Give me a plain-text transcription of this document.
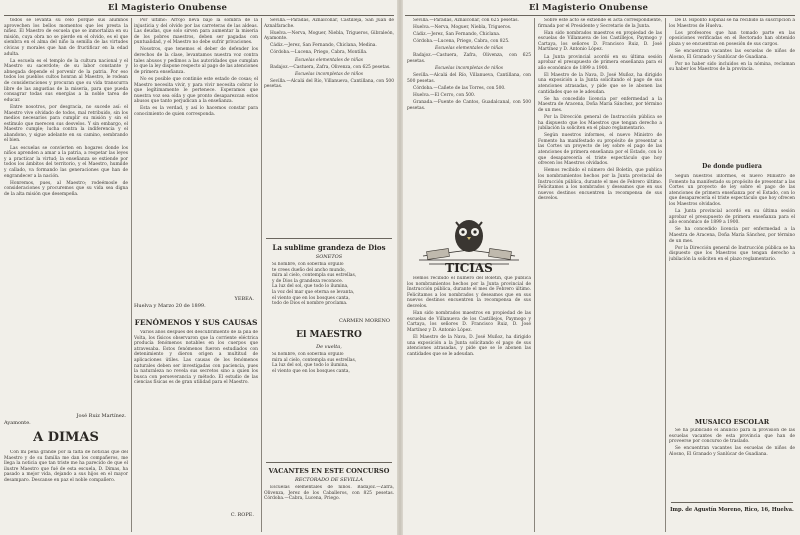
El Magisterio Onubense

todos se levanta su celo porque sus alumnos aprovechen los bellos momentos que les presta la niñez. El Maestro de escuela que se inmortaliza en su misión, cuya obra no se pierde en el olvido, es el que siembra en el alma del niño la semilla de las virtudes cívicas y morales que han de fructificar en la edad adulta.

La escuela es el templo de la cultura nacional y el Maestro su sacerdote; de su labor constante y abnegada depende el porvenir de la patria. Por eso todos los pueblos cultos honran al Maestro, le rodean de consideraciones y procuran que su vida transcurra libre de las angustias de la miseria, para que pueda consagrar todas sus energías a la noble tarea de educar.

Entre nosotros, por desgracia, no sucede así: el Maestro vive olvidado de todos, mal retribuido, sin los medios necesarios para cumplir su misión y sin el estímulo que merecen sus desvelos. Y sin embargo, el Maestro cumple; lucha contra la indiferencia y el abandono, y sigue adelante en su camino, sembrando el bien.

Las escuelas se convierten en hogares donde los niños aprenden a amar a la patria, a respetar las leyes y a practicar la virtud; la enseñanza se extiende por todos los ámbitos del territorio, y el Maestro, humilde y callado, va formando las generaciones que han de engrandecer a la nación.

Honremos, pues, al Maestro; rodeémosle de consideraciones y procuremos que su vida sea digna de la alta misión que desempeña.

José Ruiz Martínez.
Ayamonte.
A DIMAS

Con mi pena grande por la falta de noticias que del Maestro y de su familia me dan los compañeros, me llega la noticia que tan triste me ha parecido de que el ilustre Maestro que fué de esta escuela, D. Dimas, ha pasado a mejor vida, dejando a sus hijos en el mayor desamparo. Descanse en paz el noble compañero.

Por último: Arrojo lleva bajo la sombra de la injusticia y del olvido por las carreteras de las aldeas. Las deudas, que solo sirven para aumentar la miseria de los pobres maestros, deben ser pagadas con puntualidad, y el Maestro no debe sufrir privaciones.

Nosotros, que tenemos el deber de defender los derechos de la clase, levantamos nuestra voz contra tales abusos y pedimos a las autoridades que cumplan lo que la ley dispone respecto al pago de las atenciones de primera enseñanza.

No es posible que continúe este estado de cosas; el Maestro necesita vivir, y para vivir necesita cobrar lo que legítimamente le pertenece. Esperamos que nuestra voz sea oída y que pronto desaparezcan estos abusos que tanto perjudican a la enseñanza.

Esta es la verdad, y así lo hacemos constar para conocimiento de quien corresponda.

YEBEA.
Huelva y Marzo 20 de 1899.
FENÓMENOS Y SUS CAUSAS

Varios años después del descubrimiento de la pila de Volta, los físicos observaron que la corriente eléctrica producía fenómenos notables en los cuerpos que atravesaba. Estos fenómenos fueron estudiados con detenimiento y dieron origen a multitud de aplicaciones útiles. Las causas de los fenómenos naturales deben ser investigadas con paciencia, pues la naturaleza no revela sus secretos sino a quien los busca con perseverancia y método. El estudio de las ciencias físicas es de gran utilidad para el Maestro.

C. ROPE.

Sevilla.—Paradas, Aznalcóllar, Castilleja, San Juan de Aznalfarache.

Huelva.—Nerva, Moguer, Niebla, Trigueros, Gibraleón, Ayamonte.

Cádiz.—Jerez, San Fernando, Chiclana, Medina.

Córdoba.—Lucena, Priego, Cabra, Montilla.

Escuelas elementales de niñas

Badajoz.—Castuera, Zafra, Olivenza, con 625 pesetas.

Escuelas incompletas de niños

Sevilla.—Alcalá del Río, Villanueva, Cantillana, con 500 pesetas.

La sublime grandeza de Dios
SONETOS
Si hombre, con soberbia orgullo
te crees dueño del ancho mundo,
mira al cielo, contempla sus estrellas,
y de Dios la grandeza reconoce.
La luz del sol, que todo lo ilumina,
la voz del mar que eterna se levanta,
el viento que en los bosques canta,
todo de Dios el nombre proclama.
CARMEN MORENO
El MAESTRO
De vuelta,
Si hombre, con soberbia orgullo
mira al cielo, contempla sus estrellas,
La luz del sol, que todo lo ilumina,
el viento que en los bosques canta,
VACANTES EN ESTE CONCURSO
RECTORADO DE SEVILLA

Escuelas elementales de niños. Badajoz.—Zafra, Olivenza, Jerez de los Caballeros, con 825 pesetas. Córdoba.—Cabra, Lucena, Priego.

El Magisterio Onubense

Sevilla.—Paradas, Aznalcóllar, con 625 pesetas.

Huelva.—Nerva, Moguer, Niebla, Trigueros.

Cádiz.—Jerez, San Fernando, Chiclana.

Córdoba.—Lucena, Priego, Cabra, con 825.

Escuelas elementales de niñas

Badajoz.—Castuera, Zafra, Olivenza, con 625 pesetas.

Escuelas incompletas de niños

Sevilla.—Alcalá del Río, Villanueva, Cantillana, con 500 pesetas.

Córdoba.—Cañete de las Torres, con 500.

Huelva.—El Cerro, con 500.

Granada.—Fuente de Cantos, Guadalcanal, con 500 pesetas.

TICIAS

Hemos recibido el número del Boletín, que publica los nombramientos hechos por la Junta provincial de Instrucción pública, durante el mes de Febrero último. Felicitamos a los nombrados y deseamos que en sus nuevos destinos encuentren la recompensa de sus desvelos.

Han sido nombrados maestros en propiedad de las escuelas de Villanueva de los Castillejos, Paymogo y Cartaya, los señores D. Francisco Ruiz, D. José Martínez y D. Antonio López.

El Maestro de la Nava, D. José Muñoz, ha dirigido una exposición a la Junta solicitando el pago de sus atenciones atrasadas, y pide que se le abonen las cantidades que se le adeudan.

Sobre este acto se extiende el acta correspondiente, firmada por el Presidente y Secretario de la Junta.

Han sido nombrados maestros en propiedad de las escuelas de Villanueva de los Castillejos, Paymogo y Cartaya, los señores D. Francisco Ruiz, D. José Martínez y D. Antonio López.

La Junta provincial acordó en su última sesión aprobar el presupuesto de primera enseñanza para el año económico de 1899 a 1900.

El Maestro de la Nava, D. José Muñoz, ha dirigido una exposición a la Junta solicitando el pago de sus atenciones atrasadas, y pide que se le abonen las cantidades que se le adeudan.

Se ha concedido licencia por enfermedad a la Maestra de Aracena, Doña María Sánchez, por término de un mes.

Por la Dirección general de Instrucción pública se ha dispuesto que los Maestros que tengan derecho a jubilación la soliciten en el plazo reglamentario.

Según nuestros informes, el nuevo Ministro de Fomento ha manifestado su propósito de presentar a las Cortes un proyecto de ley sobre el pago de las atenciones de primera enseñanza por el Estado, con lo que desaparecería el triste espectáculo que hoy ofrecen los Maestros olvidados.

Hemos recibido el número del Boletín, que publica los nombramientos hechos por la Junta provincial de Instrucción pública, durante el mes de Febrero último. Felicitamos a los nombrados y deseamos que en sus nuevos destinos encuentren la recompensa de sus desvelos.

De D. Hipólito Espinal se ha recibido la suscripción a los Maestros de Huelva.

Los profesores que han tomado parte en las oposiciones verificadas en el Rectorado han obtenido plaza y se encuentran en posesión de sus cargos.

Se encuentran vacantes las escuelas de niños de Alosno, El Granado y Sanlúcar de Guadiana.

Por no haber sido incluidos en la nómina, reclaman su haber los Maestros de la provincia.

De donde pudiera

Según nuestros informes, el nuevo Ministro de Fomento ha manifestado su propósito de presentar a las Cortes un proyecto de ley sobre el pago de las atenciones de primera enseñanza por el Estado, con lo que desaparecería el triste espectáculo que hoy ofrecen los Maestros olvidados.

La Junta provincial acordó en su última sesión aprobar el presupuesto de primera enseñanza para el año económico de 1899 a 1900.

Se ha concedido licencia por enfermedad a la Maestra de Aracena, Doña María Sánchez, por término de un mes.

Por la Dirección general de Instrucción pública se ha dispuesto que los Maestros que tengan derecho a jubilación la soliciten en el plazo reglamentario.

MUSAICO ESCOLAR

Se ha publicado el anuncio para la provisión de las escuelas vacantes de esta provincia que han de proveerse por concurso de traslado.

Se encuentran vacantes las escuelas de niños de Alosno, El Granado y Sanlúcar de Guadiana.

Imp. de Agustín Moreno, Rico, 16, Huelva.
